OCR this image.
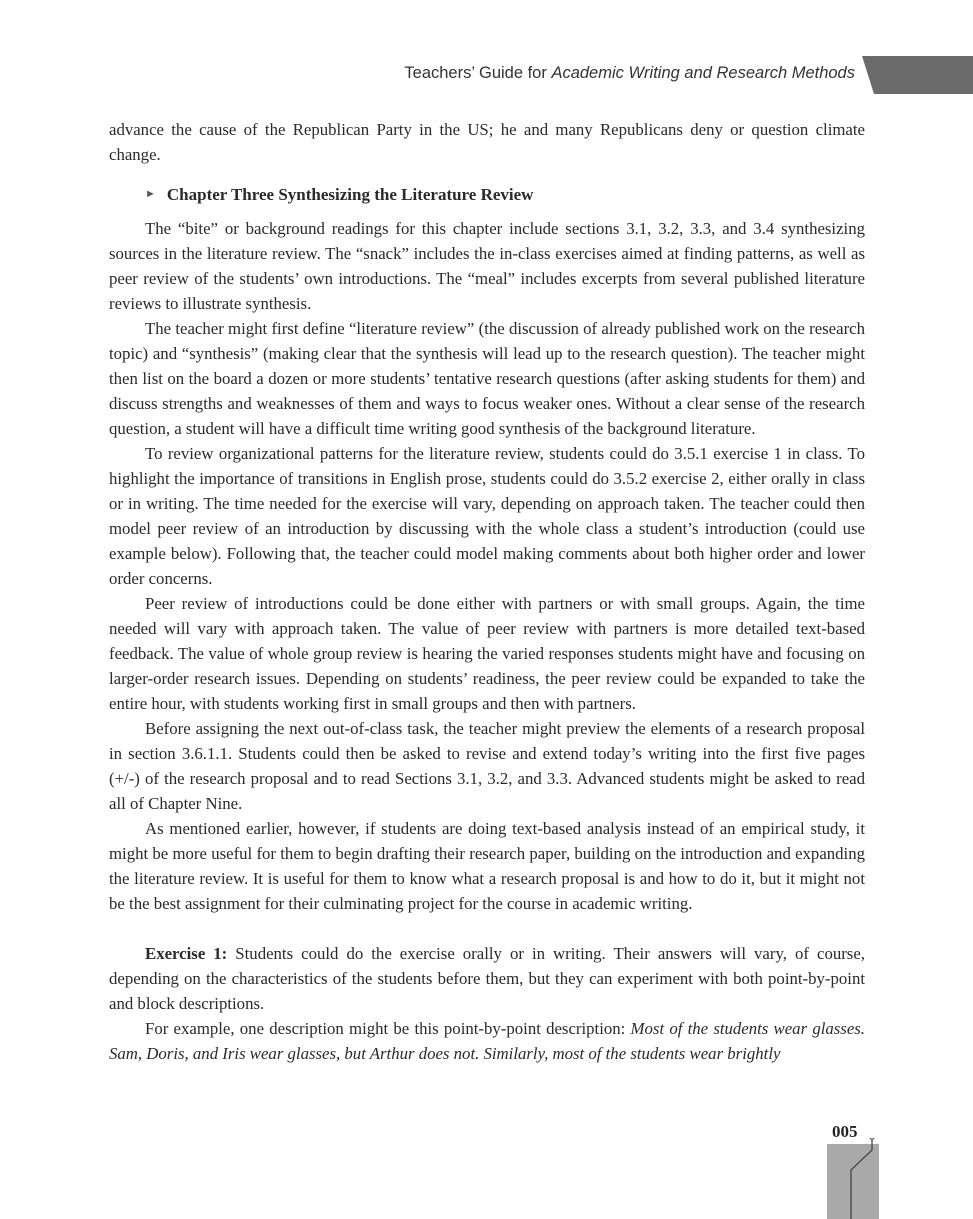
Teachers’ Guide for Academic Writing and Research Methods

advance the cause of the Republican Party in the US; he and many Republicans deny or question climate change.

► Chapter Three Synthesizing the Literature Review

The “bite” or background readings for this chapter include sections 3.1, 3.2, 3.3, and 3.4 synthesizing sources in the literature review. The “snack” includes the in-class exercises aimed at finding patterns, as well as peer review of the students’ own introductions. The “meal” includes excerpts from several published literature reviews to illustrate synthesis.

The teacher might first define “literature review” (the discussion of already published work on the research topic) and “synthesis” (making clear that the synthesis will lead up to the research question). The teacher might then list on the board a dozen or more students’ tentative research questions (after asking students for them) and discuss strengths and weaknesses of them and ways to focus weaker ones. Without a clear sense of the research question, a student will have a difficult time writing good synthesis of the background literature.

To review organizational patterns for the literature review, students could do 3.5.1 exercise 1 in class. To highlight the importance of transitions in English prose, students could do 3.5.2 exercise 2, either orally in class or in writing. The time needed for the exercise will vary, depending on approach taken. The teacher could then model peer review of an introduction by discussing with the whole class a student’s introduction (could use example below). Following that, the teacher could model making comments about both higher order and lower order concerns.

Peer review of introductions could be done either with partners or with small groups. Again, the time needed will vary with approach taken. The value of peer review with partners is more detailed text-based feedback. The value of whole group review is hearing the varied responses students might have and focusing on larger-order research issues. Depending on students’ readiness, the peer review could be expanded to take the entire hour, with students working first in small groups and then with partners.

Before assigning the next out-of-class task, the teacher might preview the elements of a research proposal in section 3.6.1.1. Students could then be asked to revise and extend today’s writing into the first five pages (+/-) of the research proposal and to read Sections 3.1, 3.2, and 3.3. Advanced students might be asked to read all of Chapter Nine.

As mentioned earlier, however, if students are doing text-based analysis instead of an empirical study, it might be more useful for them to begin drafting their research paper, building on the introduction and expanding the literature review. It is useful for them to know what a research proposal is and how to do it, but it might not be the best assignment for their culminating project for the course in academic writing.

Exercise 1: Students could do the exercise orally or in writing. Their answers will vary, of course, depending on the characteristics of the students before them, but they can experiment with both point-by-point and block descriptions.

For example, one description might be this point-by-point description: Most of the students wear glasses. Sam, Doris, and Iris wear glasses, but Arthur does not. Similarly, most of the students wear brightly

005
